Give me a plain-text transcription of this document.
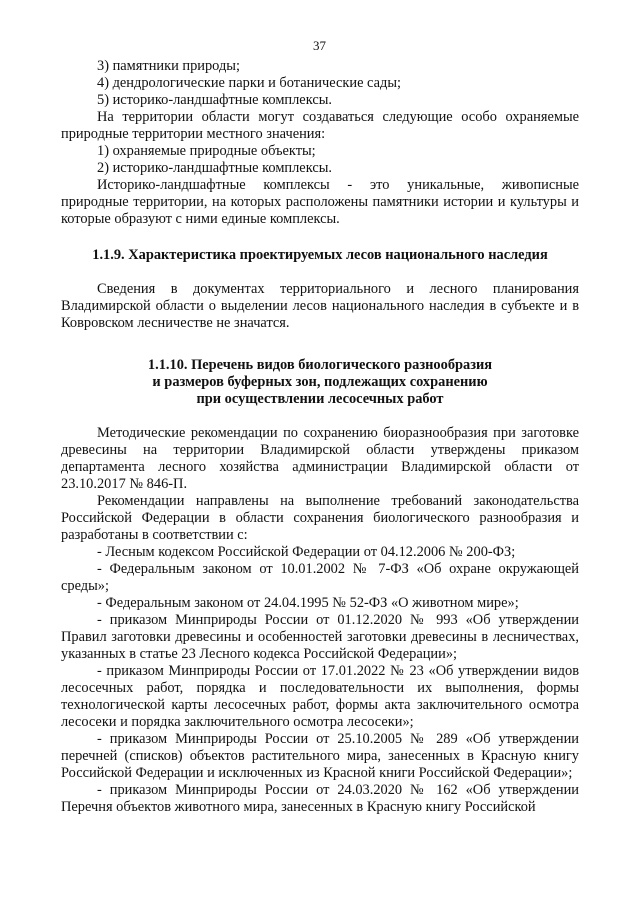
37

3) памятники природы;

4) дендрологические парки и ботанические сады;

5) историко-ландшафтные комплексы.

На территории области могут создаваться следующие особо охраняемые природные территории местного значения:

1) охраняемые природные объекты;

2) историко-ландшафтные комплексы.

Историко-ландшафтные комплексы - это уникальные, живописные природные территории, на которых расположены памятники истории и культуры и которые образуют с ними единые комплексы.

1.1.9. Характеристика проектируемых лесов национального наследия

Сведения в документах территориального и лесного планирования Владимирской области о выделении лесов национального наследия в субъекте и в Ковровском лесничестве не значатся.

1.1.10. Перечень видов биологического разнообразия

и размеров буферных зон, подлежащих сохранению

при осуществлении лесосечных работ

Методические рекомендации по сохранению биоразнообразия при заготовке древесины на территории Владимирской области утверждены приказом департамента лесного хозяйства администрации Владимирской области от 23.10.2017 № 846-П.

Рекомендации направлены на выполнение требований законодательства Российской Федерации в области сохранения биологического разнообразия и разработаны в соответствии с:

- Лесным кодексом Российской Федерации от 04.12.2006 № 200-ФЗ;

- Федеральным законом от 10.01.2002 № 7-ФЗ «Об охране окружающей среды»;

- Федеральным законом от 24.04.1995 № 52-ФЗ «О животном мире»;

- приказом Минприроды России от 01.12.2020 № 993 «Об утверждении Правил заготовки древесины и особенностей заготовки древесины в лесничествах, указанных в статье 23 Лесного кодекса Российской Федерации»;

- приказом Минприроды России от 17.01.2022 № 23 «Об утверждении видов лесосечных работ, порядка и последовательности их выполнения, формы технологической карты лесосечных работ, формы акта заключительного осмотра лесосеки и порядка заключительного осмотра лесосеки»;

- приказом Минприроды России от 25.10.2005 № 289 «Об утверждении перечней (списков) объектов растительного мира, занесенных в Красную книгу Российской Федерации и исключенных из Красной книги Российской Федерации»;

- приказом Минприроды России от 24.03.2020 № 162 «Об утверждении Перечня объектов животного мира, занесенных в Красную книгу Российской
